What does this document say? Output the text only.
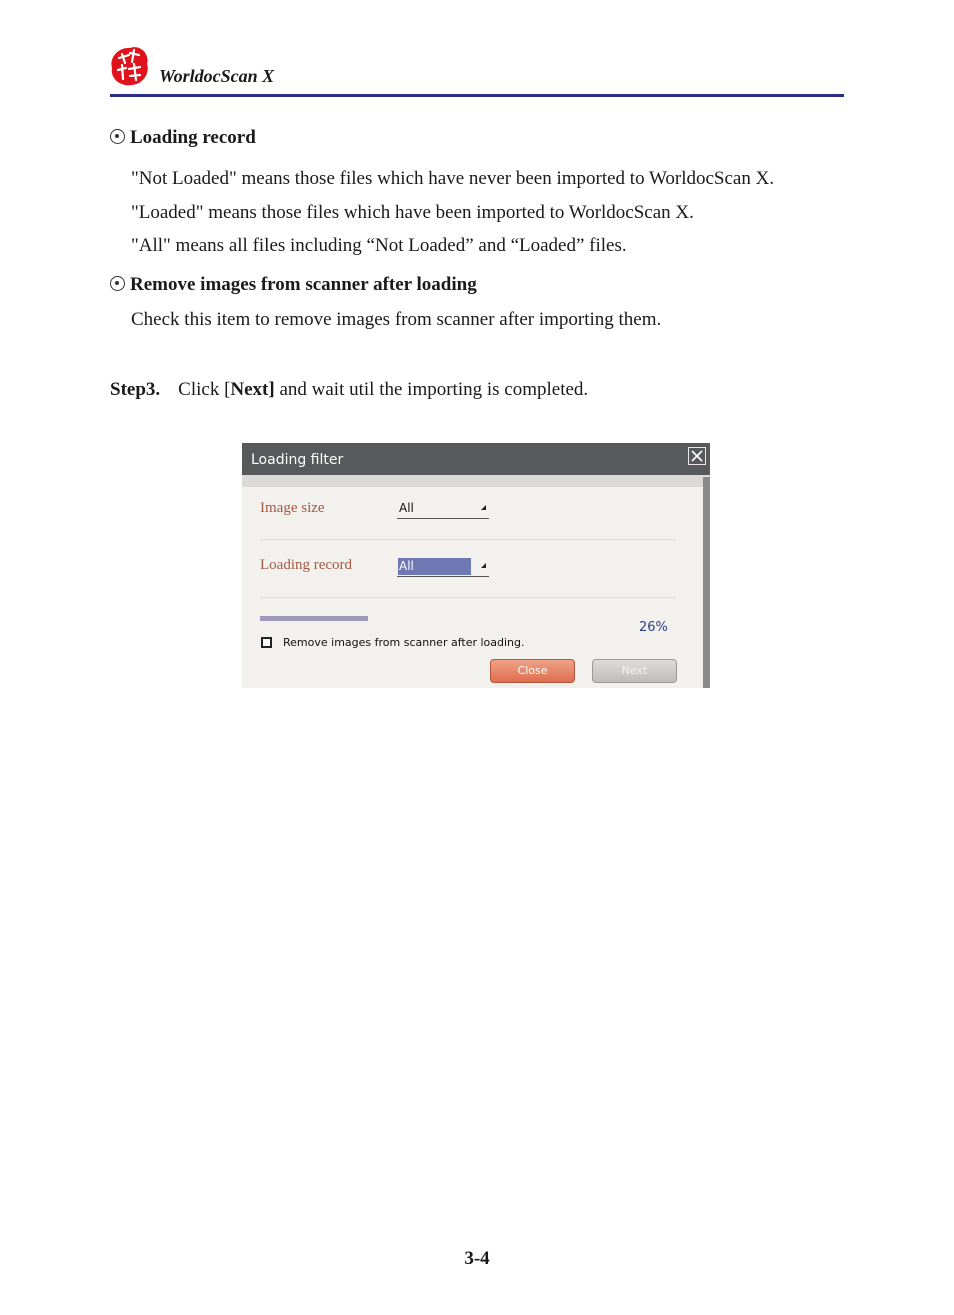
WorldocScan X
Loading record
"Not Loaded" means those files which have never been imported to WorldocScan X.
"Loaded" means those files which have been imported to WorldocScan X.
"All" means all files including “Not Loaded” and “Loaded” files.
Remove images from scanner after loading
Check this item to remove images from scanner after importing them.
Step3. Click [Next] and wait util the importing is completed.
Loading filter
Image size	All
Loading record	All
26%
Remove images from scanner after loading.
Close	Next
3-4
